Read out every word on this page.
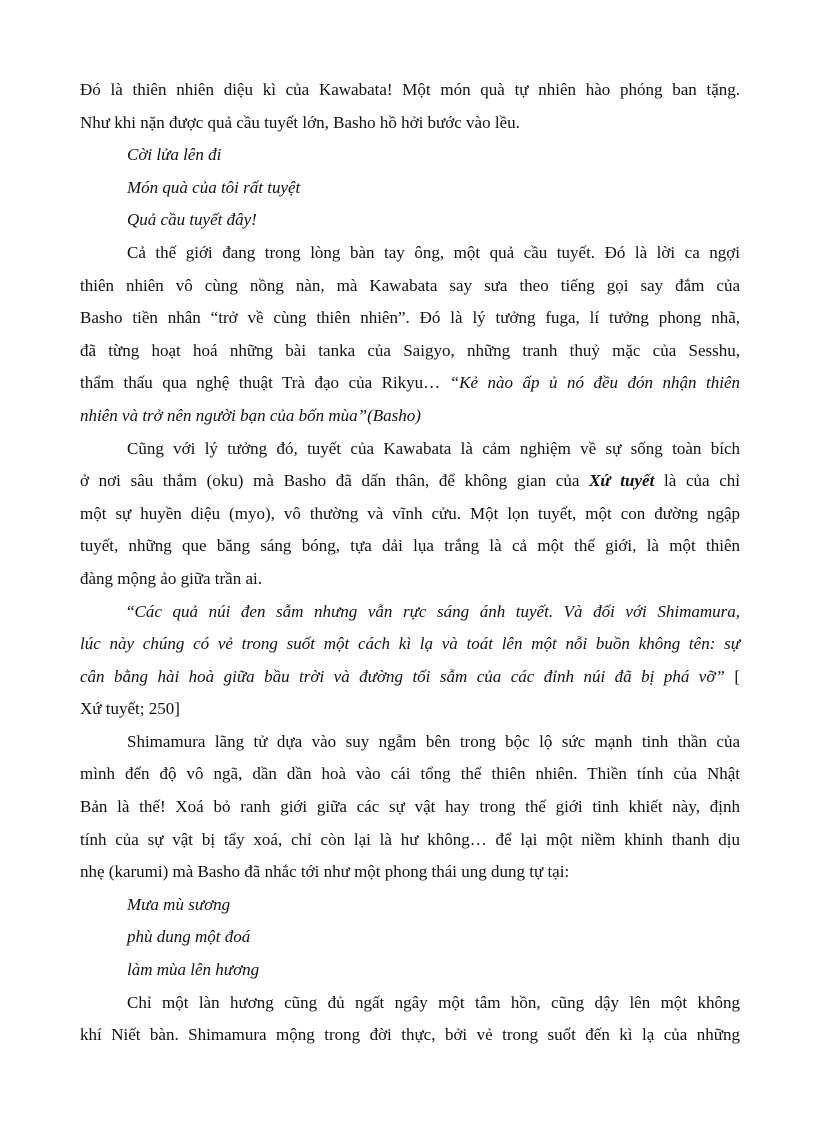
Đó là thiên nhiên diệu kì của Kawabata! Một món quà tự nhiên hào phóng ban tặng.
Như khi nặn được quả cầu tuyết lớn, Basho hồ hởi bước vào lều.
Cời lửa lên đi
Món quà của tôi rất tuyệt
Quả cầu tuyết đây!
Cả thế giới đang trong lòng bàn tay ông, một quả cầu tuyết. Đó là lời ca ngợi
thiên nhiên vô cùng nồng nàn, mà Kawabata say sưa theo tiếng gọi say đắm của
Basho tiền nhân “trở về cùng thiên nhiên”. Đó là lý tưởng fuga, lí tưởng phong nhã,
đã từng hoạt hoá những bài tanka của Saigyo, những tranh thuỷ mặc của Sesshu,
thẩm thấu qua nghệ thuật Trà đạo của Rikyu… “Kẻ nào ấp ủ nó đều đón nhận thiên
nhiên và trở nên người bạn của bốn mùa”(Basho)
Cũng với lý tưởng đó, tuyết của Kawabata là cảm nghiệm về sự sống toàn bích
ở nơi sâu thẳm (oku) mà Basho đã dấn thân, để không gian của Xứ tuyết là của chỉ
một sự huyền diệu (myo), vô thường và vĩnh cửu. Một lọn tuyết, một con đường ngập
tuyết, những que băng sáng bóng, tựa dải lụa trắng là cả một thế giới, là một thiên
đàng mộng ảo giữa trần ai.
“Các quả núi đen sẫm nhưng vẫn rực sáng ánh tuyết. Và đối với Shimamura,
lúc này chúng có vẻ trong suốt một cách kì lạ và toát lên một nỗi buồn không tên: sự
cân bằng hài hoà giữa bầu trời và đường tối sẫm của các đỉnh núi đã bị phá vỡ” [
Xứ tuyết; 250]
Shimamura lãng tử dựa vào suy ngẫm bên trong bộc lộ sức mạnh tinh thần của
mình đến độ vô ngã, dần dần hoà vào cái tổng thể thiên nhiên. Thiền tính của Nhật
Bản là thế! Xoá bỏ ranh giới giữa các sự vật hay trong thế giới tinh khiết này, định
tính của sự vật bị tẩy xoá, chỉ còn lại là hư không… để lại một niềm khinh thanh dịu
nhẹ (karumi) mà Basho đã nhắc tới như một phong thái ung dung tự tại:
Mưa mù sương
phù dung một đoá
làm mùa lên hương
Chỉ một làn hương cũng đủ ngất ngây một tâm hồn, cũng dậy lên một không
khí Niết bàn. Shimamura mộng trong đời thực, bởi vẻ trong suốt đến kì lạ của những
